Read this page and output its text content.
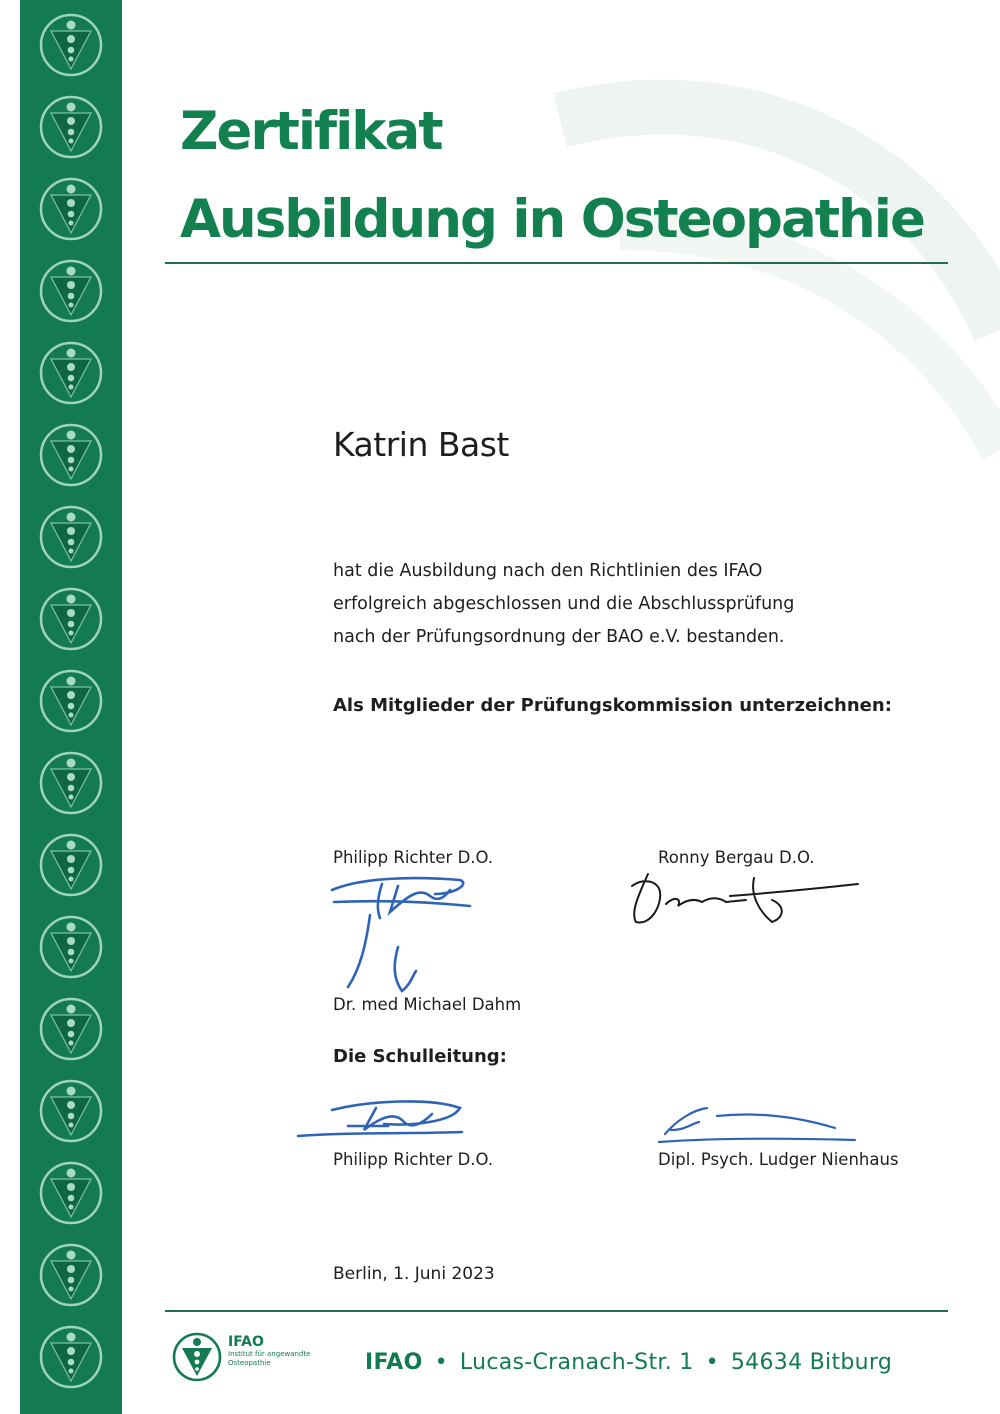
Zertifikat
Ausbildung in Osteopathie
Katrin Bast
hat die Ausbildung nach den Richtlinien des IFAO
erfolgreich abgeschlossen und die Abschlussprüfung
nach der Prüfungsordnung der BAO e.V. bestanden.
Als Mitglieder der Prüfungskommission unterzeichnen:
Philipp Richter D.O.	Ronny Bergau D.O.
Dr. med Michael Dahm
Die Schulleitung:
Philipp Richter D.O.	Dipl. Psych. Ludger Nienhaus
Berlin, 1. Juni 2023
IFAO
Institut für angewandte
Osteopathie	IFAO • Lucas-Cranach-Str. 1 • 54634 Bitburg
